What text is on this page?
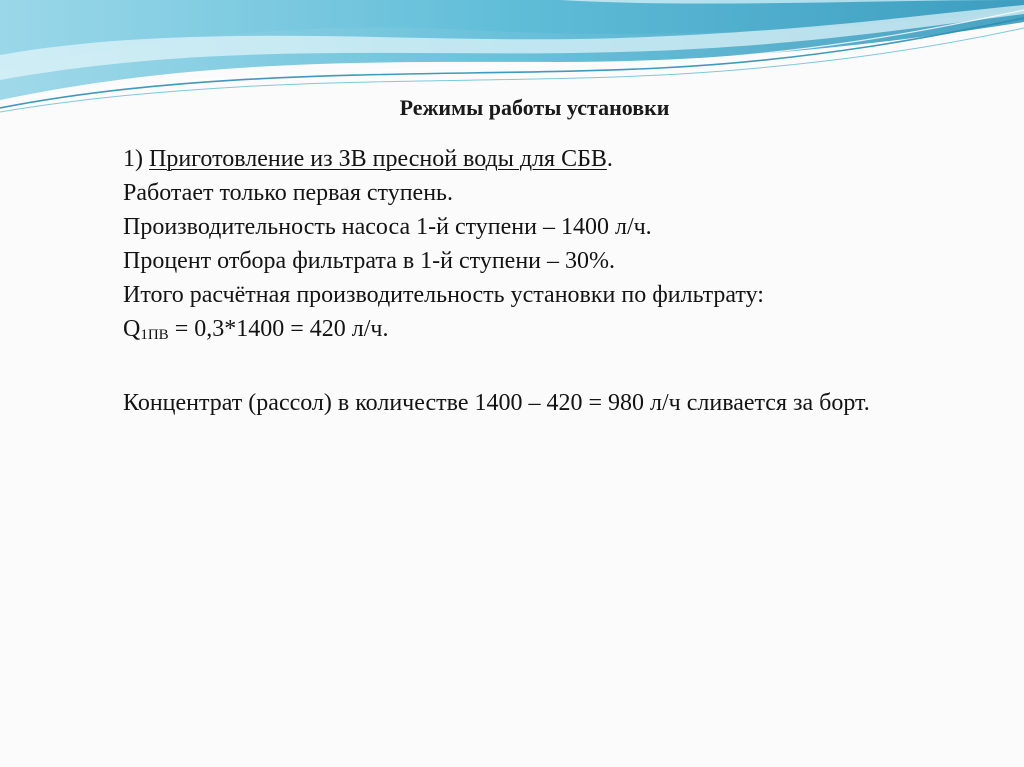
Режимы работы установки
1) Приготовление из ЗВ пресной воды для СБВ.
Работает только первая ступень.
Производительность насоса 1-й ступени – 1400 л/ч.
Процент отбора фильтрата в 1-й ступени – 30%.
Итого расчётная производительность установки по фильтрату:
$Q_{1ПВ} = 0,3*1400 = 420$ л/ч.
Концентрат (рассол) в количестве 1400 – 420 = 980 л/ч сливается за борт.
